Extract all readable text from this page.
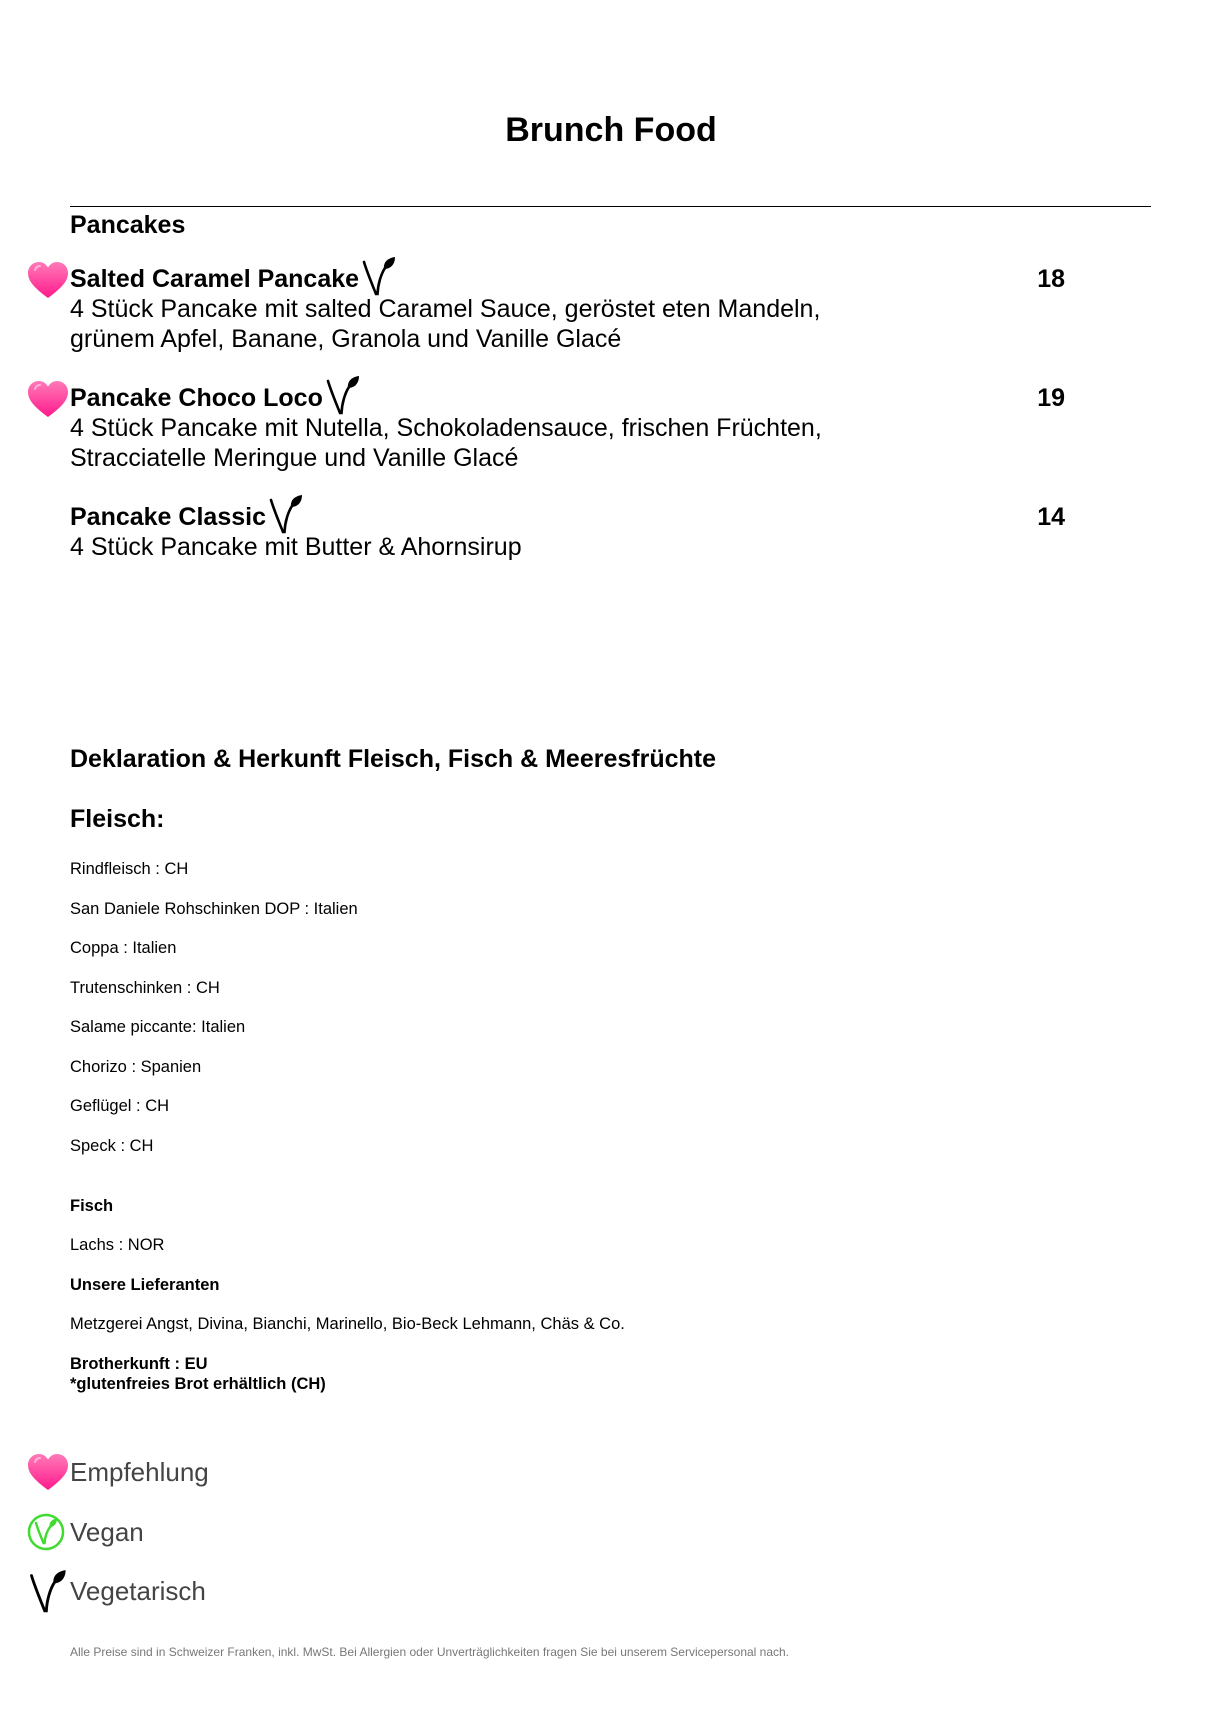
Brunch Food
Pancakes
Salted Caramel Pancake	18
4 Stück Pancake mit salted Caramel Sauce, geröstet eten Mandeln,
grünem Apfel, Banane, Granola und Vanille Glacé
Pancake Choco Loco	19
4 Stück Pancake mit Nutella, Schokoladensauce, frischen Früchten,
Stracciatelle Meringue und Vanille Glacé
Pancake Classic	14
4 Stück Pancake mit Butter & Ahornsirup
Deklaration & Herkunft Fleisch, Fisch & Meeresfrüchte
Fleisch:
Rindfleisch : CH
San Daniele Rohschinken DOP : Italien
Coppa : Italien
Trutenschinken : CH
Salame piccante: Italien
Chorizo : Spanien
Geflügel : CH
Speck : CH
Fisch
Lachs : NOR
Unsere Lieferanten
Metzgerei Angst, Divina, Bianchi, Marinello, Bio-Beck Lehmann, Chäs & Co.
Brotherkunft : EU
*glutenfreies Brot erhältlich (CH)
Empfehlung
Vegan
Vegetarisch
Alle Preise sind in Schweizer Franken, inkl. MwSt. Bei Allergien oder Unverträglichkeiten fragen Sie bei unserem Servicepersonal nach.
